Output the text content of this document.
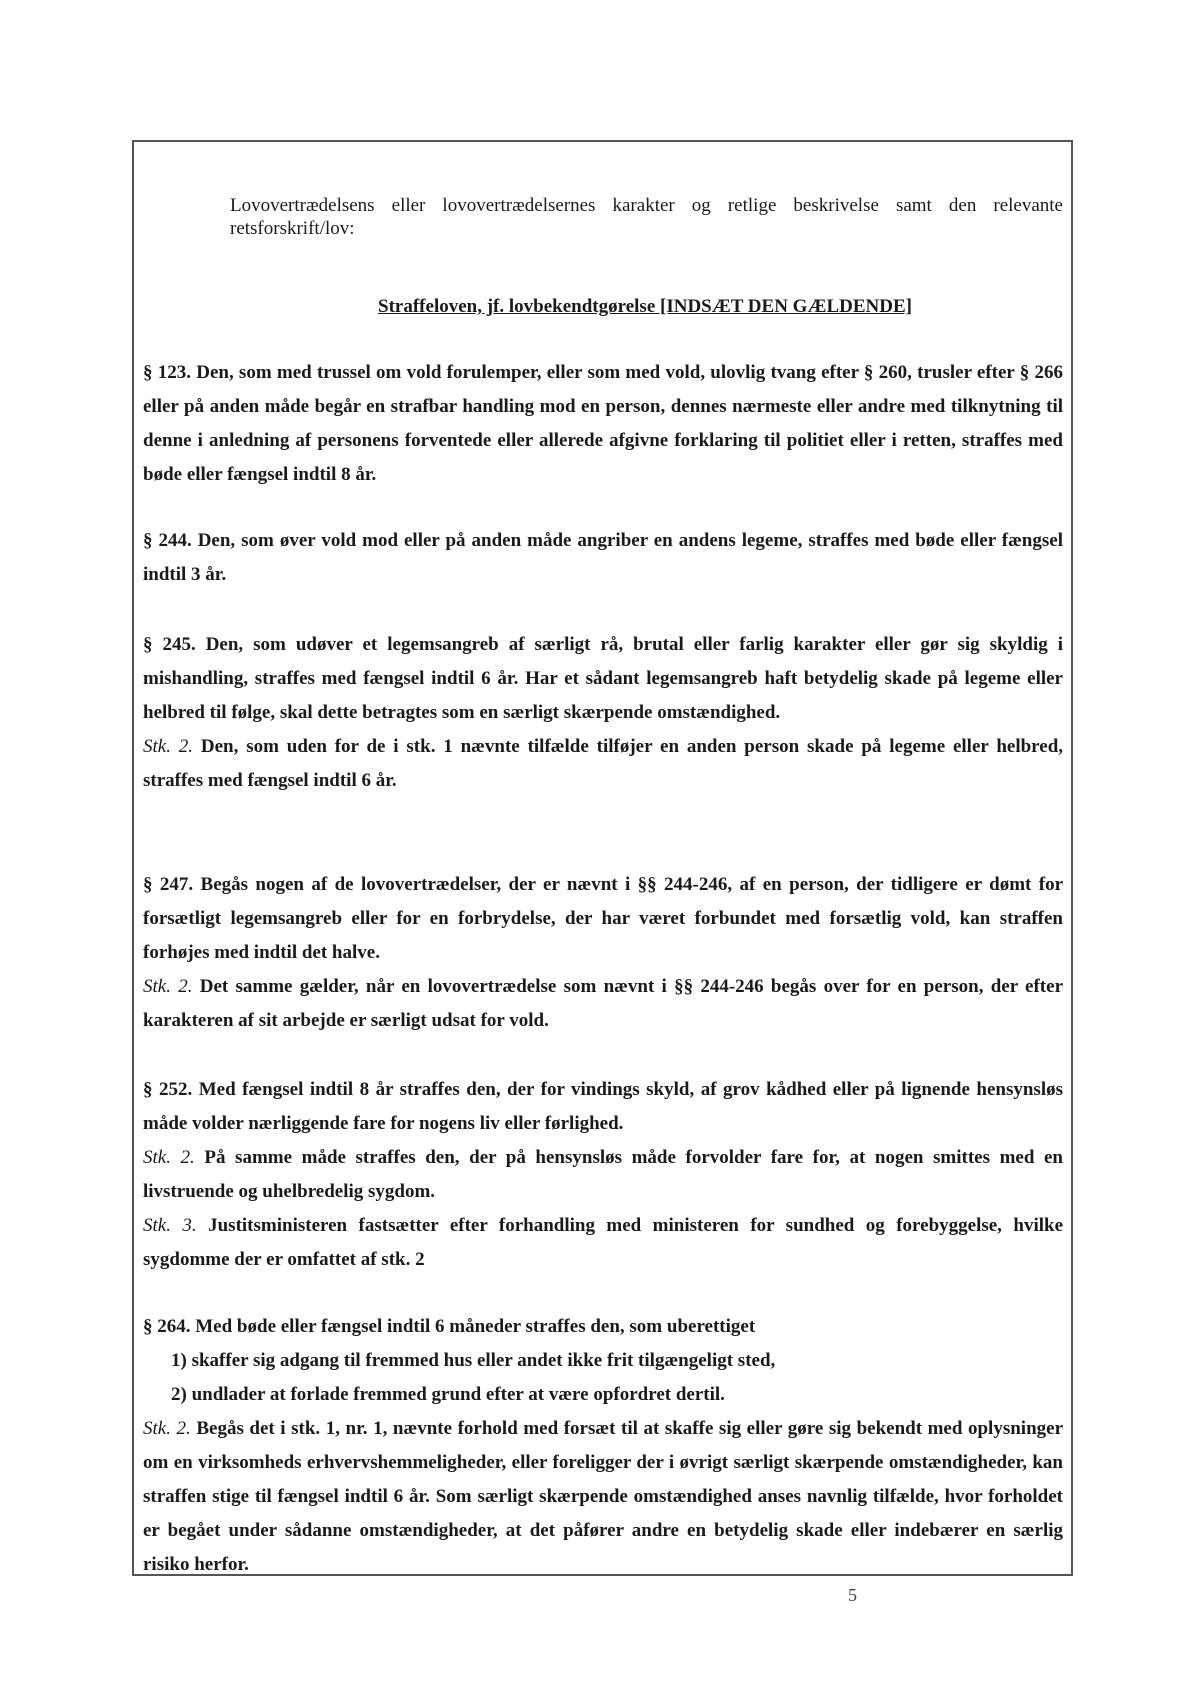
Lovovertrædelsens eller lovovertrædelsernes karakter og retlige beskrivelse samt den relevante retsforskrift/lov:
Straffeloven, jf. lovbekendtgørelse [INDSÆT DEN GÆLDENDE]

§ 123. Den, som med trussel om vold forulemper, eller som med vold, ulovlig tvang efter § 260, trusler efter § 266 eller på anden måde begår en strafbar handling mod en person, dennes nærmeste eller andre med tilknytning til denne i anledning af personens forventede eller allerede afgivne forklaring til politiet eller i retten, straffes med bøde eller fængsel indtil 8 år.

§ 244. Den, som øver vold mod eller på anden måde angriber en andens legeme, straffes med bøde eller fængsel indtil 3 år.

§ 245. Den, som udøver et legemsangreb af særligt rå, brutal eller farlig karakter eller gør sig skyldig i mishandling, straffes med fængsel indtil 6 år. Har et sådant legemsangreb haft betydelig skade på legeme eller helbred til følge, skal dette betragtes som en særligt skærpende omstændighed.

Stk. 2. Den, som uden for de i stk. 1 nævnte tilfælde tilføjer en anden person skade på legeme eller helbred, straffes med fængsel indtil 6 år.

§ 247. Begås nogen af de lovovertrædelser, der er nævnt i §§ 244-246, af en person, der tidligere er dømt for forsætligt legemsangreb eller for en forbrydelse, der har været forbundet med forsætlig vold, kan straffen forhøjes med indtil det halve.

Stk. 2. Det samme gælder, når en lovovertrædelse som nævnt i §§ 244-246 begås over for en person, der efter karakteren af sit arbejde er særligt udsat for vold.

§ 252. Med fængsel indtil 8 år straffes den, der for vindings skyld, af grov kådhed eller på lignende hensynsløs måde volder nærliggende fare for nogens liv eller førlighed.

Stk. 2. På samme måde straffes den, der på hensynsløs måde forvolder fare for, at nogen smittes med en livstruende og uhelbredelig sygdom.

Stk. 3. Justitsministeren fastsætter efter forhandling med ministeren for sundhed og forebyggelse, hvilke sygdomme der er omfattet af stk. 2

§ 264. Med bøde eller fængsel indtil 6 måneder straffes den, som uberettiget

1) skaffer sig adgang til fremmed hus eller andet ikke frit tilgængeligt sted,

2) undlader at forlade fremmed grund efter at være opfordret dertil.

Stk. 2. Begås det i stk. 1, nr. 1, nævnte forhold med forsæt til at skaffe sig eller gøre sig bekendt med oplysninger om en virksomheds erhvervshemmeligheder, eller foreligger der i øvrigt særligt skærpende omstændigheder, kan straffen stige til fængsel indtil 6 år. Som særligt skærpende omstændighed anses navnlig tilfælde, hvor forholdet er begået under sådanne omstændigheder, at det påfører andre en betydelig skade eller indebærer en særlig risiko herfor.

5
